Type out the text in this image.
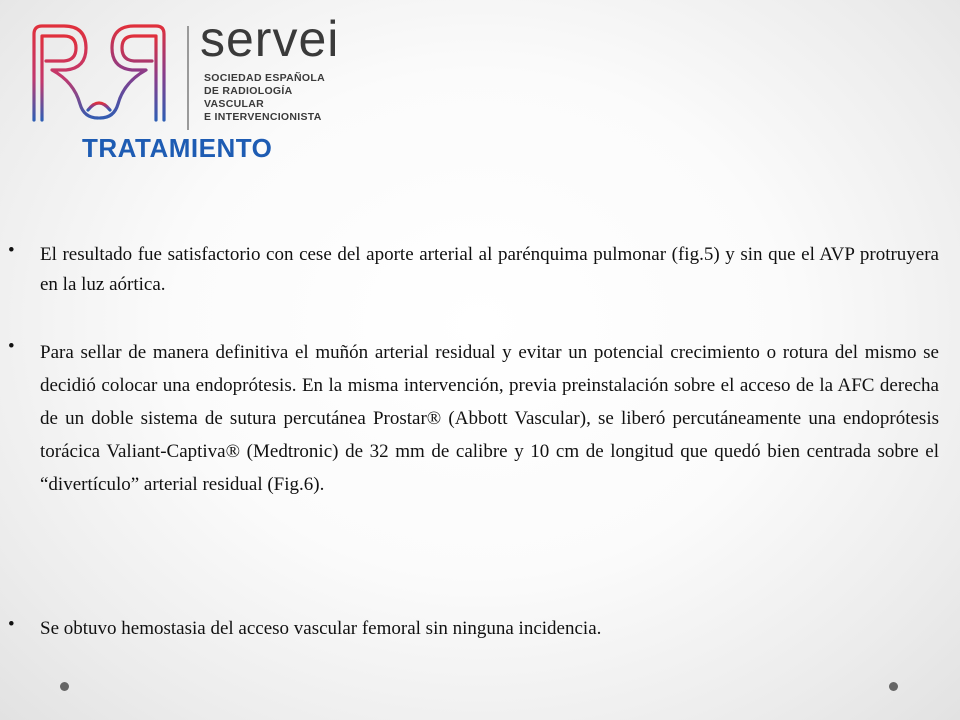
servei
SOCIEDAD ESPAÑOLA
DE RADIOLOGÍA
VASCULAR
E INTERVENCIONISTA
TRATAMIENTO
• El resultado fue satisfactorio con cese del aporte arterial al parénquima pulmonar (fig.5) y sin que el AVP protruyera en la luz aórtica.
• Para sellar de manera definitiva el muñón arterial residual y evitar un potencial crecimiento o rotura del mismo se decidió colocar una endoprótesis. En la misma intervención, previa preinstalación sobre el acceso de la AFC derecha de un doble sistema de sutura percutánea Prostar® (Abbott Vascular), se liberó percutáneamente una endoprótesis torácica Valiant-Captiva® (Medtronic) de 32 mm de calibre y 10 cm de longitud que quedó bien centrada sobre el “divertículo” arterial residual (Fig.6).
• Se obtuvo hemostasia del acceso vascular femoral sin ninguna incidencia.
